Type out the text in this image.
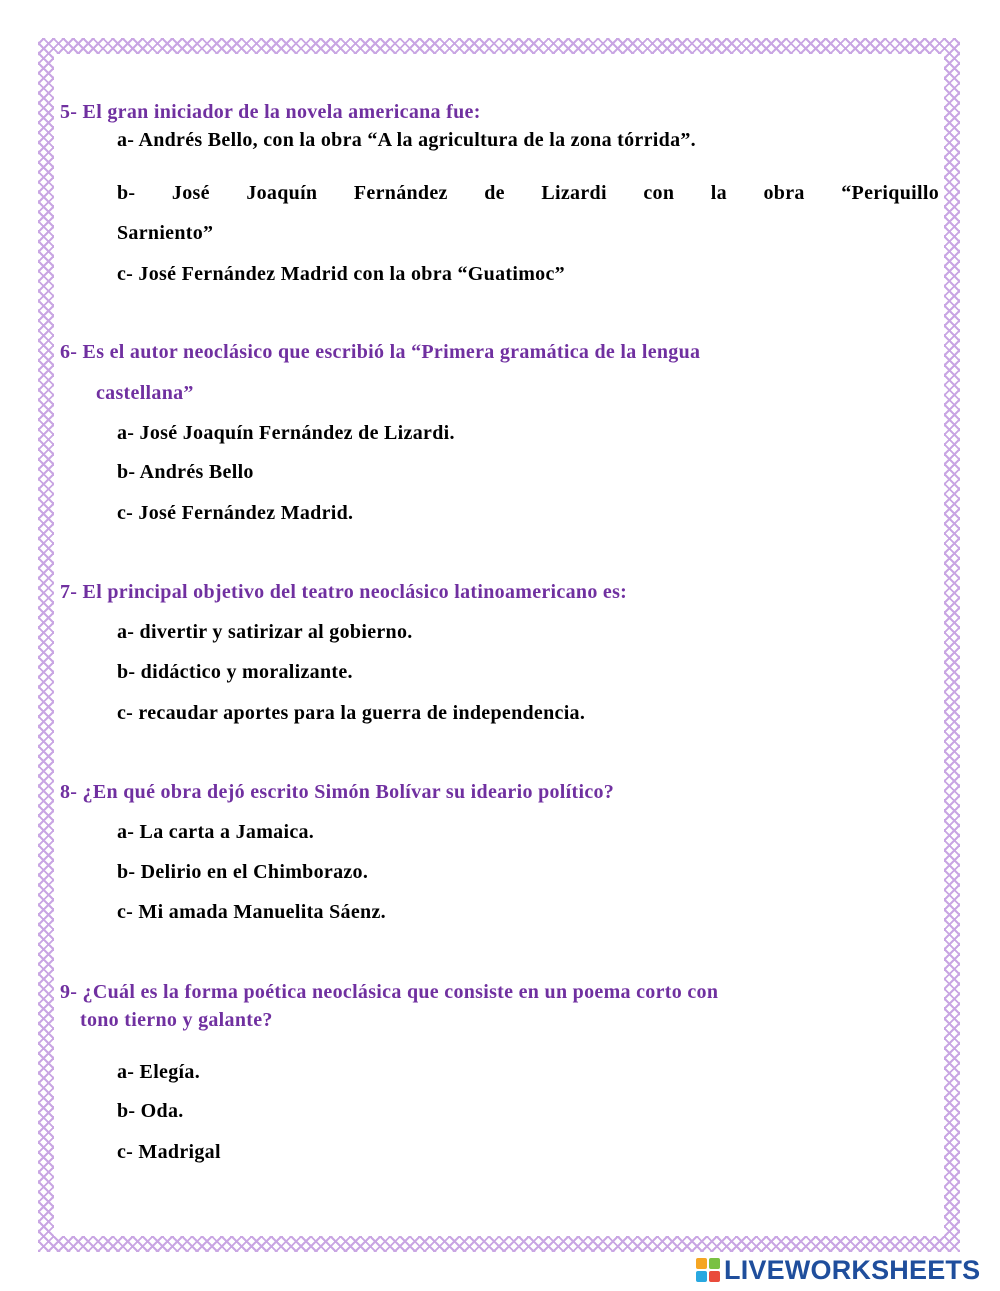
5- El gran iniciador de la novela americana fue:
a- Andrés Bello, con la obra “A la agricultura de la zona tórrida”.
b- José Joaquín Fernández de Lizardi con la obra “Periquillo
Sarniento”
c- José Fernández Madrid con la obra “Guatimoc”
6- Es el autor neoclásico que escribió la “Primera gramática de la lengua
castellana”
a- José Joaquín Fernández de Lizardi.
b- Andrés Bello
c- José Fernández Madrid.
7- El principal objetivo del teatro neoclásico latinoamericano es:
a- divertir y satirizar al gobierno.
b- didáctico y moralizante.
c- recaudar aportes para la guerra de independencia.
8- ¿En qué obra dejó escrito Simón Bolívar su ideario político?
a- La carta a Jamaica.
b- Delirio en el Chimborazo.
c- Mi amada Manuelita Sáenz.
9- ¿Cuál es la forma poética neoclásica que consiste en un poema corto con
tono tierno y galante?
a- Elegía.
b- Oda.
c- Madrigal
LIVEWORKSHEETS
